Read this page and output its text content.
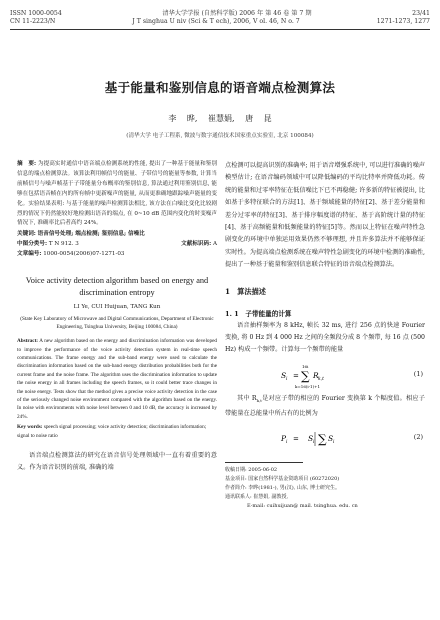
ISSN 1000-0054	清华大学学报 (自然科学版) 2006 年 第 46 卷 第 7 期	23/41
CN 11-2223/N	J T singhua U niv (Sci & T ech), 2006, V ol. 46, N o. 7	1271-1273, 1277
基于能量和鉴别信息的语音端点检测算法
李 晔, 崔慧娟, 唐 昆
(清华大学 电子工程系, 微波与数字通信技术国家重点实验室, 北京 100084)
摘　要: 为提高实时通信中语音端点检测系统的性能, 提出了一种基于能量和鉴别信息的端点检测算法。该算法利用帧信号的能量、子带信号的能量等参数, 计算当前帧信号与噪声帧基于子带能量分布概率的鉴别信息, 算法通过利用鉴别信息, 能够在包括语音帧在内的所有帧中更新噪声的能量, 从而更准确地跟踪噪声能量的变化。实验结果表明: 与基于能量的噪声检测算法相比, 该方法在白噪比变化比较剧烈的情况下仍然能较好地检测出语音的端点, 在 0~10 dB 范围内变化的时变噪声情况下, 准确率比后者高约 24%。
关键词: 语音信号处理; 端点检测; 鉴别信息; 信噪比
中图分类号: T N 912. 3	文献标识码: A
文章编号: 1000-0054(2006)07-1271-03
Voice activity detection algorithm based on energy and discrimination entropy
LI Ye, CUI Huijuan, TANG Kun
(State Key Laboratory of Microwave and Digital Communications, Department of Electronic Engineering, Tsinghua University, Beijing 100084, China)
Abstract: A new algorithm based on the energy and discrimination information was developed to improve the performance of the voice activity detection system in real-time speech communications. The frame energy and the sub-band energy were used to calculate the discrimination information based on the sub-band energy distribution probabilities both for the current frame and the noise frame. The algorithm uses the discrimination information to update the noise energy in all frames including the speech frames, so it could better trace changes in the noise energy. Tests show that the method gives a precise voice activity detection in the case of the seriously changed noise environment compared with the algorithm based on the energy. In noise with environments with noise level between 0 and 10 dB, the accuracy is increased by 24%.
Key words: speech signal processing; voice activity detection; discrimination information; signal to noise ratio
语音端点检测算法的研究在语音信号处理领域中一直有着重要的意义。作为语音识别的前端, 准确的端
点检测可以提高识别的准确率; 用于语音增强系统中, 可以进行准确的噪声模型估计; 在语音编码领域中可以降低编码的平均比特率并降低功耗。传统的能量和过零率特征在低信噪比下已不再稳健; 许多新的特征被提出, 比如基于多特征联合的方法[1]、基于频域能量的特征[2]、基于差分能量和差分过零率的特征[3]、基于排序幅度谱的特征、基于高阶统计量的特征[4]、基于高频能量和低频能量的特征[5]等。然而以上特征在噪声特性急剧变化的环境中单独运用效果仍然不够理想, 并且许多算法并不能够保证实时性。为提高端点检测系统在噪声特性急剧变化的环境中检测的准确性, 提出了一种基于能量和鉴别信息联合特征的语音端点检测算法。
1　算法描述
1. 1　子带能量的计算
语音抽样频率为 8 kHz, 帧长 32 ms, 进行 256 点的快速 Fourier 变换, 将 0 Hz 到 4 000 Hz 之间的全频段分成 8 个频带, 每 16 点 (500 Hz) 构成一个频带。计算每一个频带的能量
S i =
16i
∑
k=16(i-1)+1
R k,t
(1)
其中 $R_{k,t}$是对应子带的相应的 Fourier 变换第 k 个幅度值。相应子带能量在总能量中所占有的比例为
P i = S i ∑ S i
(2)
收稿日期: 2005-06-02
基金项目: 国家自然科学基金资助项目 (60272020)
作者简介: 李晔(1981-), 男(汉), 山东, 博士研究生。
通讯联系人: 崔慧娟, 副教授,
E-mail: cuihuijuan@ mail. tsinghua. edu. cn
